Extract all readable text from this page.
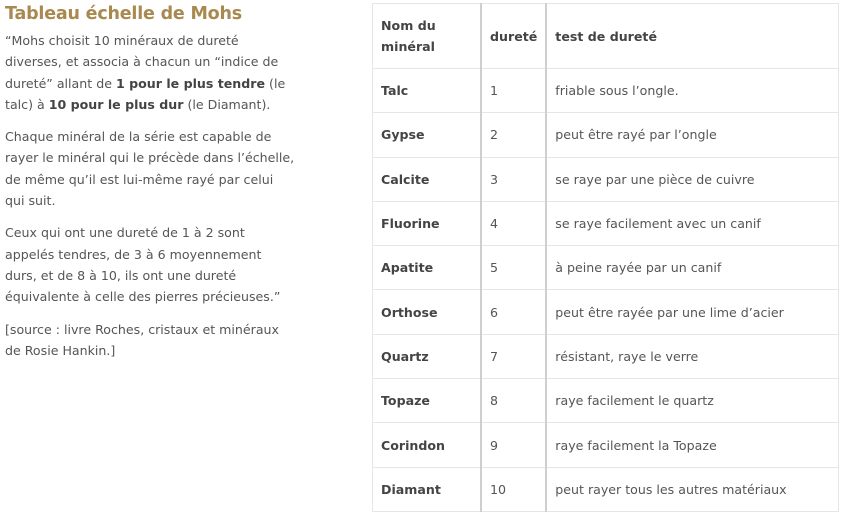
Tableau échelle de Mohs

“Mohs choisit 10 minéraux de dureté diverses, et associa à chacun un “indice de dureté” allant de 1 pour le plus tendre (le talc) à 10 pour le plus dur (le Diamant).

Chaque minéral de la série est capable de rayer le minéral qui le précède dans l’échelle, de même qu’il est lui-même rayé par celui qui suit.

Ceux qui ont une dureté de 1 à 2 sont appelés tendres, de 3 à 6 moyennement durs, et de 8 à 10, ils ont une dureté équivalente à celle des pierres précieuses.”

[source : livre Roches, cristaux et minéraux de Rosie Hankin.]

Nom du minéral	dureté	test de dureté
Talc	1	friable sous l’ongle.
Gypse	2	peut être rayé par l’ongle
Calcite	3	se raye par une pièce de cuivre
Fluorine	4	se raye facilement avec un canif
Apatite	5	à peine rayée par un canif
Orthose	6	peut être rayée par une lime d’acier
Quartz	7	résistant, raye le verre
Topaze	8	raye facilement le quartz
Corindon	9	raye facilement la Topaze
Diamant	10	peut rayer tous les autres matériaux
